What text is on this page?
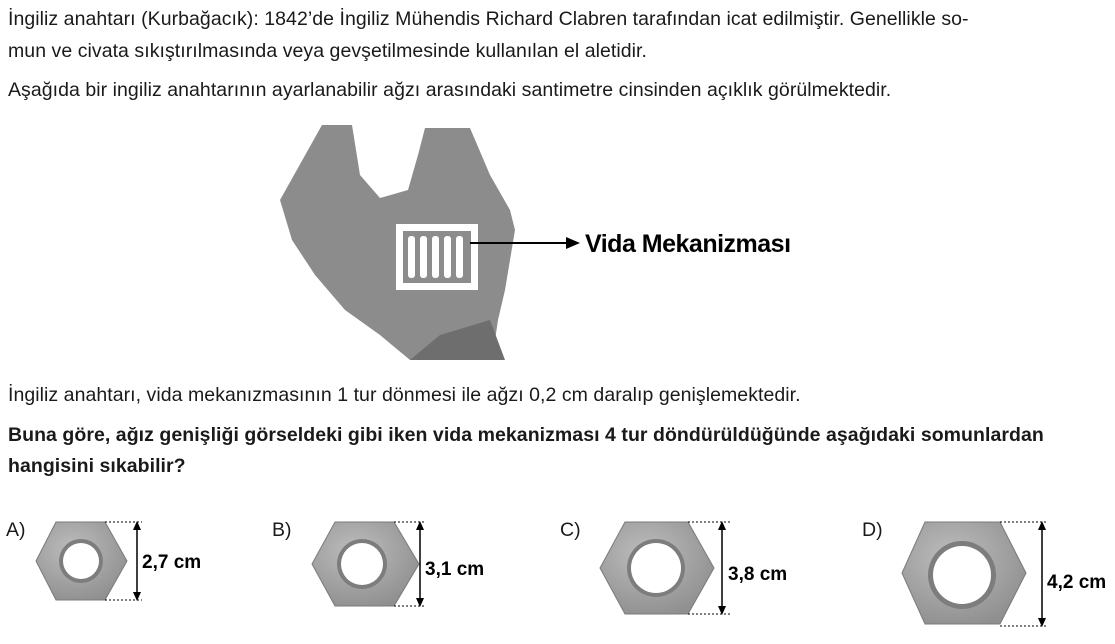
İngiliz anahtarı (Kurbağacık): 1842’de İngiliz Mühendis Richard Clabren tarafından icat edilmiştir. Genellikle so-
mun ve civata sıkıştırılmasında veya gevşetilmesinde kullanılan el aletidir.
Aşağıda bir ingiliz anahtarının ayarlanabilir ağzı arasındaki santimetre cinsinden açıklık görülmektedir.
Vida Mekanizması
2,7 cm	3,1 cm	3,8 cm	4,2 cm
İngiliz anahtarı, vida mekanızmasının 1 tur dönmesi ile ağzı 0,2 cm daralıp genişlemektedir.
Buna göre, ağız genişliği görseldeki gibi iken vida mekanizması 4 tur döndürüldüğünde aşağıdaki somunlardan
hangisini sıkabilir?
A)	B)	C)	D)
